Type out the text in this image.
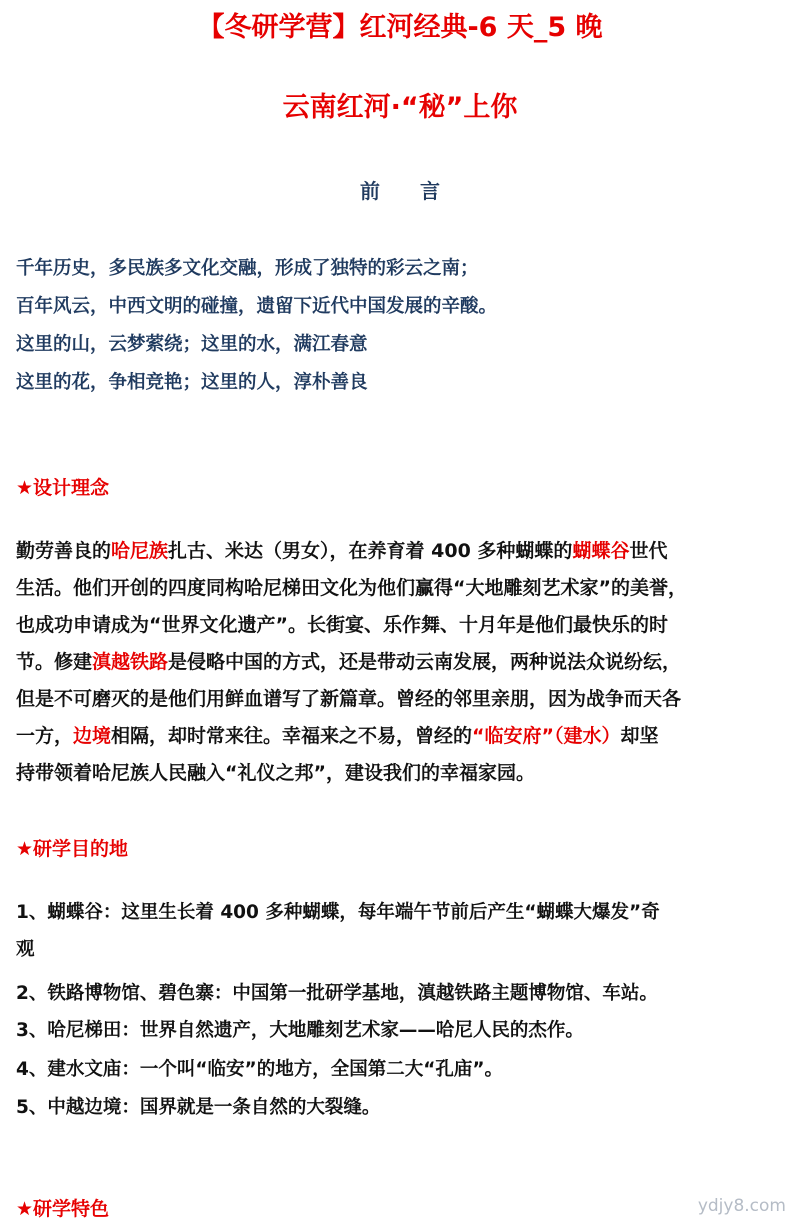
【冬研学营】红河经典-6 天_5 晚
云南红河·“秘”上你
前　　言

千年历史，多民族多文化交融，形成了独特的彩云之南；

百年风云，中西文明的碰撞，遗留下近代中国发展的辛酸。

这里的山，云梦萦绕；这里的水，满江春意

这里的花，争相竞艳；这里的人，淳朴善良

★设计理念

勤劳善良的哈尼族扎古、米达（男女），在养育着 400 多种蝴蝶的蝴蝶谷世代

生活。他们开创的四度同构哈尼梯田文化为他们赢得“大地雕刻艺术家”的美誉，

也成功申请成为“世界文化遗产”。长街宴、乐作舞、十月年是他们最快乐的时

节。修建滇越铁路是侵略中国的方式，还是带动云南发展，两种说法众说纷纭，

但是不可磨灭的是他们用鲜血谱写了新篇章。曾经的邻里亲朋，因为战争而天各

一方，边境相隔，却时常来往。幸福来之不易，曾经的“临安府”（建水）却坚

持带领着哈尼族人民融入“礼仪之邦”，建设我们的幸福家园。

★研学目的地

1、蝴蝶谷：这里生长着 400 多种蝴蝶，每年端午节前后产生“蝴蝶大爆发”奇

观

2、铁路博物馆、碧色寨：中国第一批研学基地，滇越铁路主题博物馆、车站。

3、哈尼梯田：世界自然遗产，大地雕刻艺术家——哈尼人民的杰作。

4、建水文庙：一个叫“临安”的地方，全国第二大“孔庙”。

5、中越边境：国界就是一条自然的大裂缝。

★研学特色	ydjy8.com
